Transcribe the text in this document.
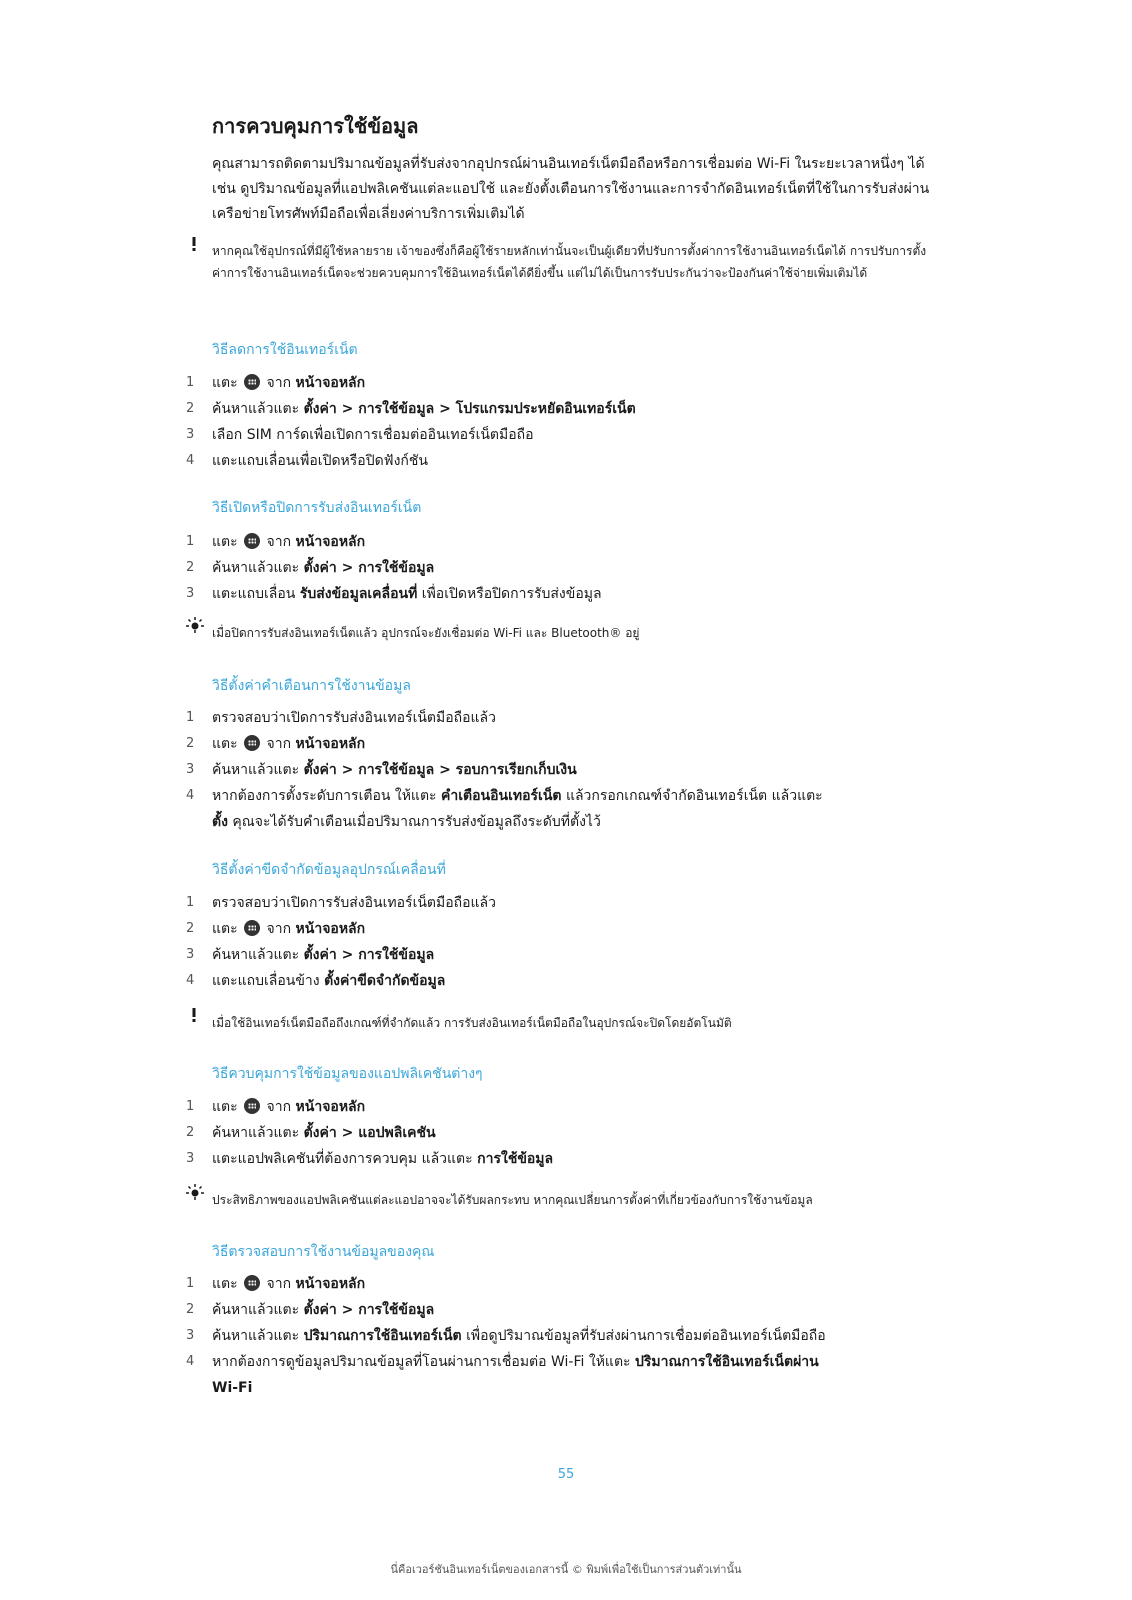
การควบคุมการใช้ข้อมูล
คุณสามารถติดตามปริมาณข้อมูลที่รับส่งจากอุปกรณ์ผ่านอินเทอร์เน็ตมือถือหรือการเชื่อมต่อ Wi-Fi ในระยะเวลาหนึ่งๆ ได้ เช่น ดูปริมาณข้อมูลที่แอปพลิเคชันแต่ละแอปใช้ และยังตั้งเตือนการใช้งานและการจำกัดอินเทอร์เน็ตที่ใช้ในการรับส่งผ่านเครือข่ายโทรศัพท์มือถือเพื่อเลี่ยงค่าบริการเพิ่มเติมได้
หากคุณใช้อุปกรณ์ที่มีผู้ใช้หลายราย เจ้าของซึ่งก็คือผู้ใช้รายหลักเท่านั้นจะเป็นผู้เดียวที่ปรับการตั้งค่าการใช้งานอินเทอร์เน็ตได้ การปรับการตั้งค่าการใช้งานอินเทอร์เน็ตจะช่วยควบคุมการใช้อินเทอร์เน็ตได้ดียิ่งขึ้น แต่ไม่ได้เป็นการรับประกันว่าจะป้องกันค่าใช้จ่ายเพิ่มเติมได้
วิธีลดการใช้อินเทอร์เน็ต
1 แตะ จาก หน้าจอหลัก
2 ค้นหาแล้วแตะ ตั้งค่า > การใช้ข้อมูล > โปรแกรมประหยัดอินเทอร์เน็ต
3 เลือก SIM การ์ดเพื่อเปิดการเชื่อมต่ออินเทอร์เน็ตมือถือ
4 แตะแถบเลื่อนเพื่อเปิดหรือปิดฟังก์ชัน
วิธีเปิดหรือปิดการรับส่งอินเทอร์เน็ต
1 แตะ จาก หน้าจอหลัก
2 ค้นหาแล้วแตะ ตั้งค่า > การใช้ข้อมูล
3 แตะแถบเลื่อน รับส่งข้อมูลเคลื่อนที่ เพื่อเปิดหรือปิดการรับส่งข้อมูล
เมื่อปิดการรับส่งอินเทอร์เน็ตแล้ว อุปกรณ์จะยังเชื่อมต่อ Wi-Fi และ Bluetooth® อยู่
วิธีตั้งค่าคำเตือนการใช้งานข้อมูล
1 ตรวจสอบว่าเปิดการรับส่งอินเทอร์เน็ตมือถือแล้ว
2 แตะ จาก หน้าจอหลัก
3 ค้นหาแล้วแตะ ตั้งค่า > การใช้ข้อมูล > รอบการเรียกเก็บเงิน
4 หากต้องการตั้งระดับการเตือน ให้แตะ คำเตือนอินเทอร์เน็ต แล้วกรอกเกณฑ์จำกัดอินเทอร์เน็ต แล้วแตะ
ตั้ง คุณจะได้รับคำเตือนเมื่อปริมาณการรับส่งข้อมูลถึงระดับที่ตั้งไว้
วิธีตั้งค่าขีดจำกัดข้อมูลอุปกรณ์เคลื่อนที่
1 ตรวจสอบว่าเปิดการรับส่งอินเทอร์เน็ตมือถือแล้ว
2 แตะ จาก หน้าจอหลัก
3 ค้นหาแล้วแตะ ตั้งค่า > การใช้ข้อมูล
4 แตะแถบเลื่อนข้าง ตั้งค่าขีดจำกัดข้อมูล
เมื่อใช้อินเทอร์เน็ตมือถือถึงเกณฑ์ที่จำกัดแล้ว การรับส่งอินเทอร์เน็ตมือถือในอุปกรณ์จะปิดโดยอัตโนมัติ
วิธีควบคุมการใช้ข้อมูลของแอปพลิเคชันต่างๆ
1 แตะ จาก หน้าจอหลัก
2 ค้นหาแล้วแตะ ตั้งค่า > แอปพลิเคชัน
3 แตะแอปพลิเคชันที่ต้องการควบคุม แล้วแตะ การใช้ข้อมูล
ประสิทธิภาพของแอปพลิเคชันแต่ละแอปอาจจะได้รับผลกระทบ หากคุณเปลี่ยนการตั้งค่าที่เกี่ยวข้องกับการใช้งานข้อมูล
วิธีตรวจสอบการใช้งานข้อมูลของคุณ
1 แตะ จาก หน้าจอหลัก
2 ค้นหาแล้วแตะ ตั้งค่า > การใช้ข้อมูล
3 ค้นหาแล้วแตะ ปริมาณการใช้อินเทอร์เน็ต เพื่อดูปริมาณข้อมูลที่รับส่งผ่านการเชื่อมต่ออินเทอร์เน็ตมือถือ
4 หากต้องการดูข้อมูลปริมาณข้อมูลที่โอนผ่านการเชื่อมต่อ Wi-Fi ให้แตะ ปริมาณการใช้อินเทอร์เน็ตผ่าน
Wi-Fi
55
นี่คือเวอร์ชันอินเทอร์เน็ตของเอกสารนี้ © พิมพ์เพื่อใช้เป็นการส่วนตัวเท่านั้น
